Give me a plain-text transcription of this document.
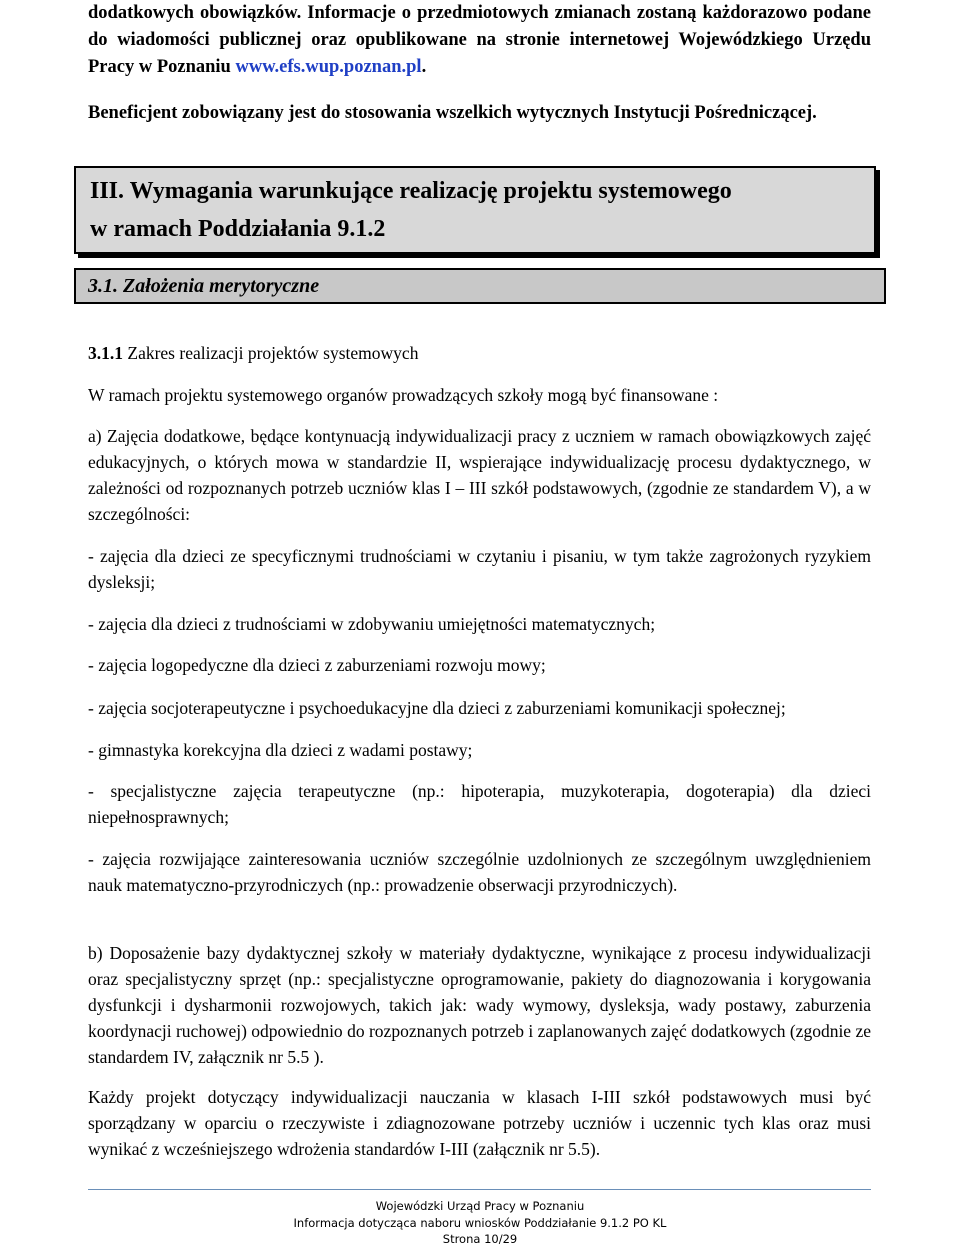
dodatkowych obowiązków. Informacje o przedmiotowych zmianach zostaną każdorazowo podane do wiadomości publicznej oraz opublikowane na stronie internetowej Wojewódzkiego Urzędu Pracy w Poznaniu www.efs.wup.poznan.pl.
Beneficjent zobowiązany jest do stosowania wszelkich wytycznych Instytucji Pośredniczącej.
III. Wymagania warunkujące realizację projektu systemowego
w ramach Poddziałania 9.1.2
3.1. Założenia merytoryczne
3.1.1 Zakres realizacji projektów systemowych
W ramach projektu systemowego organów prowadzących szkoły mogą być finansowane :
a) Zajęcia dodatkowe, będące kontynuacją indywidualizacji pracy z uczniem w ramach obowiązkowych zajęć edukacyjnych, o których mowa w standardzie II, wspierające indywidualizację procesu dydaktycznego, w zależności od rozpoznanych potrzeb uczniów klas I – III szkół podstawowych, (zgodnie ze standardem V), a w szczególności:
- zajęcia dla dzieci ze specyficznymi trudnościami w czytaniu i pisaniu, w tym także zagrożonych ryzykiem dysleksji;
- zajęcia dla dzieci z trudnościami w zdobywaniu umiejętności matematycznych;
- zajęcia logopedyczne dla dzieci z zaburzeniami rozwoju mowy;
- zajęcia socjoterapeutyczne i psychoedukacyjne dla dzieci z zaburzeniami komunikacji społecznej;
- gimnastyka korekcyjna dla dzieci z wadami postawy;
- specjalistyczne zajęcia terapeutyczne (np.: hipoterapia, muzykoterapia, dogoterapia) dla dzieci niepełnosprawnych;
- zajęcia rozwijające zainteresowania uczniów szczególnie uzdolnionych ze szczególnym uwzględnieniem nauk matematyczno-przyrodniczych (np.: prowadzenie obserwacji przyrodniczych).
b) Doposażenie bazy dydaktycznej szkoły w materiały dydaktyczne, wynikające z procesu indywidualizacji oraz specjalistyczny sprzęt (np.: specjalistyczne oprogramowanie, pakiety do diagnozowania i korygowania dysfunkcji i dysharmonii rozwojowych, takich jak: wady wymowy, dysleksja, wady postawy, zaburzenia koordynacji ruchowej) odpowiednio do rozpoznanych potrzeb i zaplanowanych zajęć dodatkowych (zgodnie ze standardem IV, załącznik nr 5.5 ).
Każdy projekt dotyczący indywidualizacji nauczania w klasach I-III szkół podstawowych musi być sporządzany w oparciu o rzeczywiste i zdiagnozowane potrzeby uczniów i uczennic tych klas oraz musi wynikać z wcześniejszego wdrożenia standardów I-III (załącznik nr 5.5).
Wojewódzki Urząd Pracy w Poznaniu
Informacja dotycząca naboru wniosków Poddziałanie 9.1.2 PO KL
Strona 10/29
